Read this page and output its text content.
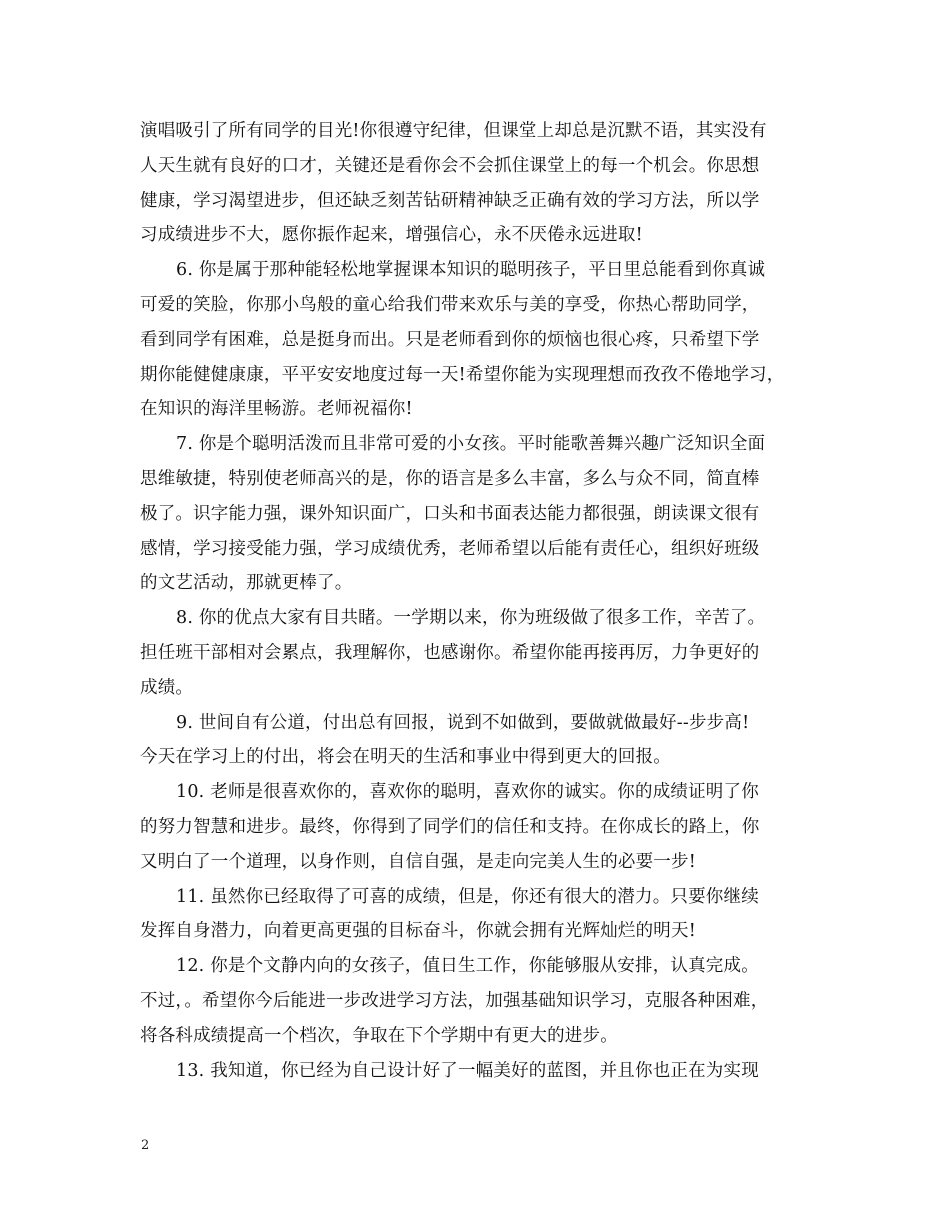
演唱吸引了所有同学的目光!你很遵守纪律，但课堂上却总是沉默不语，其实没有
人天生就有良好的口才，关键还是看你会不会抓住课堂上的每一个机会。你思想
健康，学习渴望进步，但还缺乏刻苦钻研精神缺乏正确有效的学习方法，所以学
习成绩进步不大，愿你振作起来，增强信心，永不厌倦永远进取!
6. 你是属于那种能轻松地掌握课本知识的聪明孩子，平日里总能看到你真诚
可爱的笑脸，你那小鸟般的童心给我们带来欢乐与美的享受，你热心帮助同学，
看到同学有困难，总是挺身而出。只是老师看到你的烦恼也很心疼，只希望下学
期你能健健康康，平平安安地度过每一天!希望你能为实现理想而孜孜不倦地学习，
在知识的海洋里畅游。老师祝福你!
7. 你是个聪明活泼而且非常可爱的小女孩。平时能歌善舞兴趣广泛知识全面
思维敏捷，特别使老师高兴的是，你的语言是多么丰富，多么与众不同，简直棒
极了。识字能力强，课外知识面广，口头和书面表达能力都很强，朗读课文很有
感情，学习接受能力强，学习成绩优秀，老师希望以后能有责任心，组织好班级
的文艺活动，那就更棒了。
8. 你的优点大家有目共睹。一学期以来，你为班级做了很多工作，辛苦了。
担任班干部相对会累点，我理解你，也感谢你。希望你能再接再厉，力争更好的
成绩。
9. 世间自有公道，付出总有回报，说到不如做到，要做就做最好--步步高!
今天在学习上的付出，将会在明天的生活和事业中得到更大的回报。
10. 老师是很喜欢你的，喜欢你的聪明，喜欢你的诚实。你的成绩证明了你
的努力智慧和进步。最终，你得到了同学们的信任和支持。在你成长的路上，你
又明白了一个道理，以身作则，自信自强，是走向完美人生的必要一步!
11. 虽然你已经取得了可喜的成绩，但是，你还有很大的潜力。只要你继续
发挥自身潜力，向着更高更强的目标奋斗，你就会拥有光辉灿烂的明天!
12. 你是个文静内向的女孩子，值日生工作，你能够服从安排，认真完成。
不过，。希望你今后能进一步改进学习方法，加强基础知识学习，克服各种困难，
将各科成绩提高一个档次，争取在下个学期中有更大的进步。
13. 我知道，你已经为自己设计好了一幅美好的蓝图，并且你也正在为实现
2
